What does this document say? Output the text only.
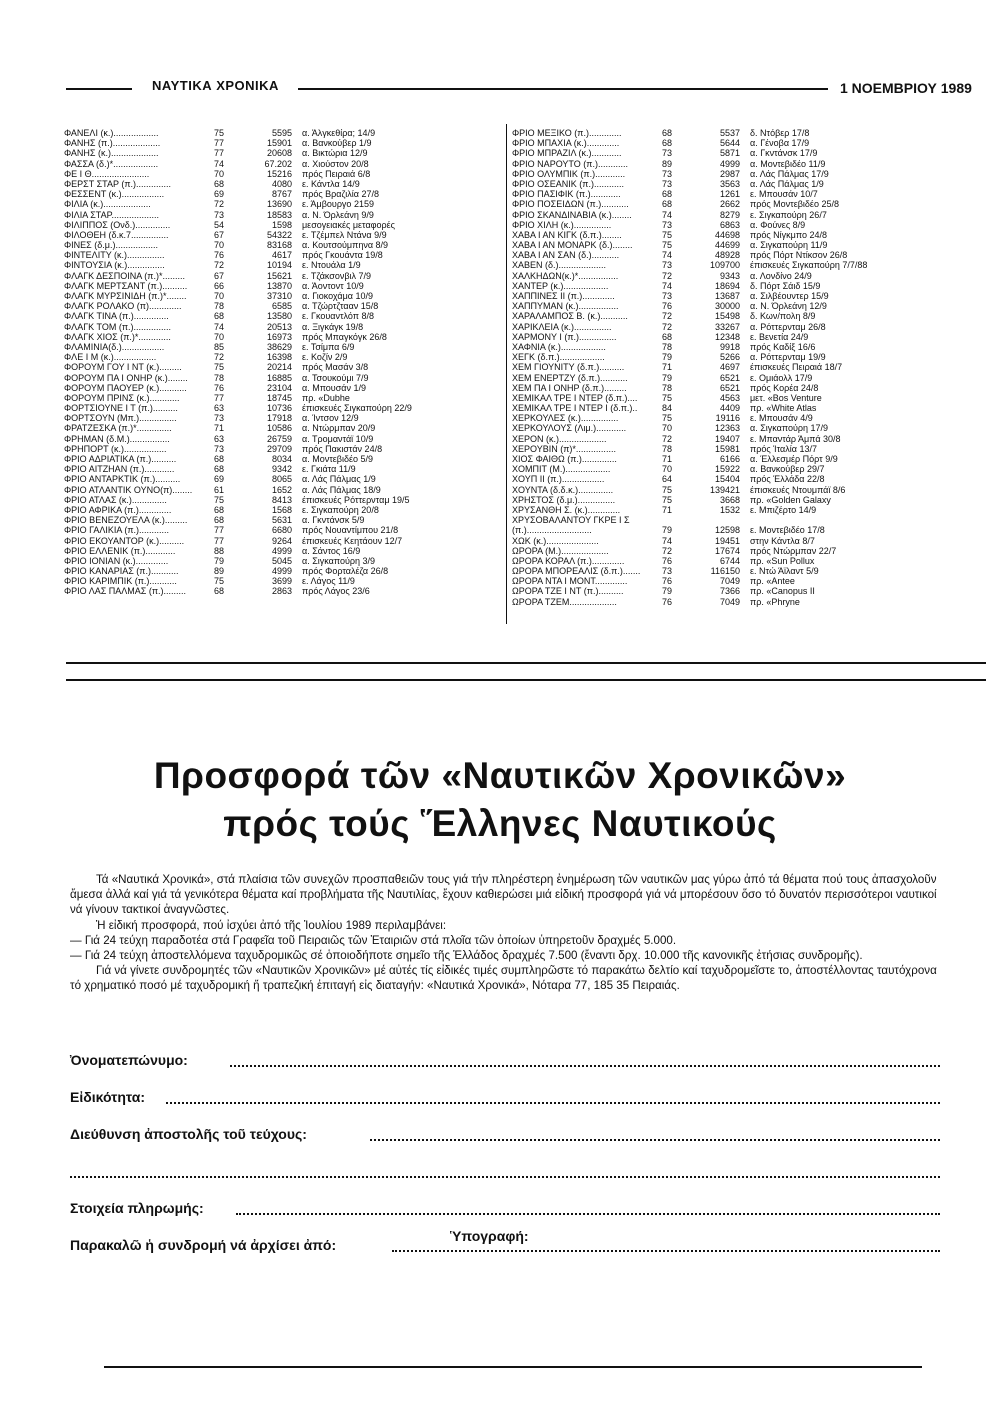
ΝΑΥΤΙΚΑ ΧΡΟΝΙΚΑ	1 ΝΟΕΜΒΡΙΟΥ 1989
ΦΑΝΕΛΙ (κ.)..................	75	5595	α. Άλγκεθίρα; 14/9
ΦΑΝΗΣ (π.)...................	77	15901	α. Βανκούβερ 1/9
ΦΑΝΗΣ (κ.)...................	77	20608	α. Βικτώρια 12/9
ΦΑΣΣΑ (δ.)*..................	74	67.202	α. Χιούστον 20/8
ΦΕ Ι Θ.......................	70	15216	πρός Πειραιά 6/8
ΦΕΡΣΤ ΣΤΑΡ (π.)..............	68	4080	ε. Κάντλα 14/9
ΦΕΣΣΕΝΤ (κ.).................	69	8767	πρός Βραζιλία 27/8
ΦΙΛΙΑ (κ.)...................	72	13690	ε. Άμβουργο 2159
ΦΙΛΙΑ ΣΤΑΡ...................	73	18583	α. Ν. Όρλεάνη 9/9
ΦΙΛΙΠΠΟΣ (Ονδ.)..............	54	1598	μεσογειακές μεταφορές
ΦΙΛΟΘΕΗ (δ.κ.7...............	67	54322	ε. Τζέμπελ Ντάνα 9/9
ΦΙΝΕΣ (δ.μ.).................	70	83168	α. Κουτσούμπηνα 8/9
ΦΙΝΤΕΛΙΤΥ (κ.)...............	76	4617	πρός Γκουάντα 19/8
ΦΙΝΤΟΥΣΙΑ (κ.)...............	72	10194	ε. Ντουάλα 1/9
ΦΛΑΓΚ ΔΕΣΠΟΙΝΑ (π.)*.........	67	15621	ε. Τζάκσονβιλ 7/9
ΦΛΑΓΚ ΜΕΡΤΣΑΝΤ (π.)..........	66	13870	α. Άοντοντ 10/9
ΦΛΑΓΚ ΜΥΡΣΙΝΙΔΗ (π.)*........	70	37310	α. Γιοκοχάμα 10/9
ΦΛΑΓΚ ΡΟΛΑΚΟ (π).............	78	6585	α. Τζώρτζτααν 15/8
ΦΛΑΓΚ ΤΙΝΑ (π.)..............	68	13580	ε. Γκουαντλόπ 8/8
ΦΛΑΓΚ ΤΟΜ (π.)...............	74	20513	α. Ξιγκάγκ 19/8
ΦΛΑΓΚ ΧΙΟΣ (π.)*.............	70	16973	πρός Μπαγκόγκ 26/8
ΦΛΑΜΙΝΙΑ(δ.).................	85	38629	ε. Τσίμπα 6/9
ΦΛΕ Ι Μ (κ.).................	72	16398	ε. Κοζίν 2/9
ΦΟΡΟΥΜ ΓΟΥ Ι ΝΤ (κ.).........	75	20214	πρός Μασάν 3/8
ΦΟΡΟΥΜ ΠΑ Ι ΟΝΗΡ (κ.)........	78	16885	α. Τσουκούμι 7/9
ΦΟΡΟΥΜ ΠΑΟΥΕΡ (κ.)...........	76	23104	α. Μπουσάν 1/9
ΦΟΡΟΥΜ ΠΡΙΝΣ (κ.)............	77	18745	πρ. «Dubhe
ΦΟΡΤΣΙΟΥΝΕ Ι Τ (π.)..........	63	10736	έπισκευές Σιγκαπούρη 22/9
ΦΟΡΤΣΟΥΝ (Μπ.)...............	73	17918	α. Ίντσον 12/9
ΦΡΑΤΖΕΣΚΑ (π.)*..............	71	10586	α. Ντώρμπαν 20/9
ΦΡΗΜΑΝ (δ.Μ.)................	63	26759	α. Τρομαντάϊ 10/9
ΦΡΗΠΟΡΤ (κ.).................	73	29709	πρός Πακιστάν 24/8
ΦΡΙΟ ΑΔΡΙΑΤΙΚΑ (π.)..........	68	8034	α. Μοντεβιδέο 5/9
ΦΡΙΟ ΑΙΤΖΗΑΝ (π.)............	68	9342	ε. Γκιάτα 11/9
ΦΡΙΟ ΑΝΤΑΡΚΤΙΚ (π.)..........	69	8065	α. Λάς Πάλμας 1/9
ΦΡΙΟ ΑΤΛΑΝΤΙΚ ΟΥΝΟ(π)........	61	1652	α. Λάς Πάλμας 18/9
ΦΡΙΟ ΑΤΛΑΣ (κ.)..............	75	8413	έπισκευές Ρόττερνταμ 19/5
ΦΡΙΟ ΑΦΡΙΚΑ (π.).............	68	1568	ε. Σιγκαπούρη 20/8
ΦΡΙΟ ΒΕΝΕΖΟΥΕΛΑ (κ.).........	68	5631	α. Γκντάνσκ 5/9
ΦΡΙΟ ΓΑΛΙΚΙΑ (π.)............	77	6680	πρός Νουαντίμπου 21/8
ΦΡΙΟ ΕΚΟΥΑΝΤΟΡ (κ.)..........	77	9264	έπισκευές Κεητάουν 12/7
ΦΡΙΟ ΕΛΛΕΝΙΚ (π.)............	88	4999	α. Σάντος 16/9
ΦΡΙΟ ΙΟΝΙΑΝ (κ.).............	79	5045	α. Σιγκαπούρη 3/9
ΦΡΙΟ ΚΑΝΑΡΙΑΣ (π.)...........	89	4999	πρός Φορταλέζα 26/8
ΦΡΙΟ ΚΑΡΙΜΠΙΚ (π.)...........	75	3699	ε. Λάγος 11/9
ΦΡΙΟ ΛΑΣ ΠΑΛΜΑΣ (π.).........	68	2863	πρός Λάγος 23/6
ΦΡΙΟ ΜΕΞΙΚΟ (π.).............	68	5537	δ. Ντόβερ 17/8
ΦΡΙΟ ΜΠΑΧΙΑ (κ.).............	68	5644	α. Γένοβα 17/9
ΦΡΙΟ ΜΠΡΑΖΙΛ (κ.)............	73	5871	α. Γκντάνσκ 17/9
ΦΡΙΟ ΝΑΡΟΥΤΟ (π.)............	89	4999	α. Μοντεβιδέο 11/9
ΦΡΙΟ ΟΛΥΜΠΙΚ (π.)............	73	2987	α. Λάς Πάλμας 17/9
ΦΡΙΟ ΟΣΕΑΝΙΚ (π.)............	73	3563	α. Λάς Πάλμας 1/9
ΦΡΙΟ ΠΑΣΙΦΙΚ (π.)............	68	1261	ε. Μπουσάν 10/7
ΦΡΙΟ ΠΟΣΕΙΔΩΝ (π.)...........	68	2662	πρός Μοντεβιδέο 25/8
ΦΡΙΟ ΣΚΑΝΔΙΝΑΒΙΑ (κ.)........	74	8279	ε. Σιγκαπούρη 26/7
ΦΡΙΟ ΧΙΛΗ (κ.)...............	73	6863	α. Φούνες 8/9
ΧΑΒΑ Ι ΑΝ ΚΙΓΚ (δ.π.)........	75	44698	πρός Νίγκμπο 24/8
ΧΑΒΑ Ι ΑΝ ΜΟΝΑΡΚ (δ.)........	75	44699	α. Σιγκαπούρη 11/9
ΧΑΒΑ Ι ΑΝ ΣΑΝ (δ.)...........	74	48928	πρός Πόρτ Ντίκσον 26/8
ΧΑΒΕΝ (δ.)...................	73	109700	έπισκευές Σιγκαπούρη 7/7/88
ΧΑΛΚΗΔΩΝ(κ.)*................	72	9343	α. Λονδίνο 24/9
ΧΑΝΤΕΡ (κ.)..................	74	18694	δ. Πόρτ Σάιδ 15/9
ΧΑΠΠΙΝΕΣ ΙΙ (π.).............	73	13687	α. Σιλβέουντερ 15/9
ΧΑΠΠΥΜΑΝ (κ.)................	76	30000	α. Ν. Όρλεάνη 12/9
ΧΑΡΑΛΑΜΠΟΣ Β. (κ.)...........	72	15498	δ. Κων/πολη 8/9
ΧΑΡΙΚΛΕΙΑ (κ.)...............	72	33267	α. Ρόττερνταμ 26/8
ΧΑΡΜΟΝΥ Ι (π.)...............	68	12348	ε. Βενετία 24/9
ΧΑΦΝΙΑ (κ.)..................	78	9918	πρός Καδίξ 16/6
ΧΕΓΚ (δ.π.)..................	79	5266	α. Ρόττερνταμ 19/9
ΧΕΜ ΓΙΟΥΝΙΤΥ (δ.π.)..........	71	4697	έπισκευές Πειραιά 18/7
ΧΕΜ ΕΝΕΡΤΖΥ (δ.π.)...........	79	6521	ε. Ομιάολλ 17/9
ΧΕΜ ΠΑ Ι ΟΝΗΡ (δ.π.).........	78	6521	πρός Κορέα 24/8
ΧΕΜΙΚΑΛ ΤΡΕ Ι ΝΤΕΡ (δ.π.)....	75	4563	μετ. «Bos Venture
ΧΕΜΙΚΑΛ ΤΡΕ Ι ΝΤΕΡ Ι (δ.π.)..	84	4409	πρ. «White Atlas
ΧΕΡΚΟΥΛΕΣ (κ.)...............	75	19116	ε. Μπουσάν 4/9
ΧΕΡΚΟΥΛΟΥΣ (Λιμ.)............	70	12363	α. Σιγκαπούρη 17/9
ΧΕΡΟΝ (κ.)...................	72	19407	ε. Μπαντάρ Άμπά 30/8
ΧΕΡΟΥΒΙΝ (π)*................	78	15981	πρός Ίταλία 13/7
ΧΙΟΣ ΦΑΙΘΩ (π.)..............	71	6166	α. Έλλεσμέρ Πόρτ 9/9
ΧΟΜΠΙΤ (Μ.)..................	70	15922	α. Βανκούβερ 29/7
ΧΟΥΠ ΙΙ (π.).................	64	15404	πρός Έλλάδα 22/8
ΧΟΥΝΤΑ (δ.δ.κ.)..............	75	139421	έπισκευές Ντουμπάϊ 8/6
ΧΡΗΣΤΟΣ (δ.μ.)...............	75	3668	πρ. «Golden Galaxy
ΧΡΥΣΑΝΘΗ Σ. (κ.).............	71	1532	ε. Μπιζέρτο 14/9
ΧΡΥΣΟΒΑΛΑΝΤΟΥ ΓΚΡΕ Ι Σ
(π.)..........................	79	12598	ε. Μοντεβιδέο 17/8
ΧΩΚ (κ.).....................	74	19451	στην Κάντλα 8/7
ΩΡΟΡΑ (Μ.)...................	72	17674	πρός Ντώρμπαν 22/7
ΩΡΟΡΑ ΚΟΡΑΛ (π.).............	76	6744	πρ. «Sun Pollux
ΩΡΟΡΑ ΜΠΟΡΕΑΛΙΣ (δ.π.).......	73	116150	ε. Ντώ Άϊλαντ 5/9
ΩΡΟΡΑ ΝΤΑ Ι ΜΟΝΤ.............	76	7049	πρ. «Antee
ΩΡΟΡΑ ΤΖΕ Ι ΝΤ (π.)..........	79	7366	πρ. «Canopus II
ΩΡΟΡΑ ΤΖΕΜ...................	76	7049	πρ. «Phryne
Προσφορά τῶν «Ναυτικῶν Χρονικῶν»
πρός τούς Ἕλληνες Ναυτικούς

Τά «Ναυτικά Χρονικά», στά πλαίσια τῶν συνεχῶν προσπαθειῶν τους γιά τήν πληρέστερη ἐνημέρωση τῶν ναυτικῶν μας γύρω ἀπό τά θέματα πού τους ἀπασχολοῦν ἄμεσα ἀλλά καί γιά τά γενικότερα θέματα καί προβλήματα τῆς Ναυτιλίας, ἔχουν καθιερώσει μιά εἰδική προσφορά γιά νά μπορέσουν ὅσο τό δυνατόν περισσότεροι ναυτικοί νά γίνουν τακτικοί ἀναγνῶστες.

Ἡ εἰδική προσφορά, πού ἰσχύει ἀπό τῆς Ἰουλίου 1989 περιλαμβάνει:

— Γιά 24 τεύχη παραδοτέα στά Γραφεῖα τοῦ Πειραιῶς τῶν Ἑταιριῶν στά πλοῖα τῶν ὁποίων ὑπηρετοῦν δραχμές 5.000.

— Γιά 24 τεύχη ἀποστελλόμενα ταχυδρομικῶς σέ ὁποιοδήποτε σημεῖο τῆς Ἑλλάδος δραχμές 7.500 (ἔναντι δρχ. 10.000 τῆς κανονικῆς ἐτήσιας συνδρομῆς).

Γιά νά γίνετε συνδρομητές τῶν «Ναυτικῶν Χρονικῶν» μέ αὐτές τίς εἰδικές τιμές συμπληρῶστε τό παρακάτω δελτίο καί ταχυδρομεῖστε το, ἀποστέλλοντας ταυτόχρονα τό χρηματικό ποσό μέ ταχυδρομική ἤ τραπεζική ἐπιταγή εἰς διαταγήν: «Ναυτικά Χρονικά», Νόταρα 77, 185 35 Πειραιάς.

Ὀνοματεπώνυμο:
Εἰδικότητα:
Διεύθυνση ἀποστολῆς τοῦ τεύχους:
Στοιχεία πληρωμής:
Παρακαλῶ ἡ συνδρομή νά ἀρχίσει ἀπό:
Ὑπογραφή:
